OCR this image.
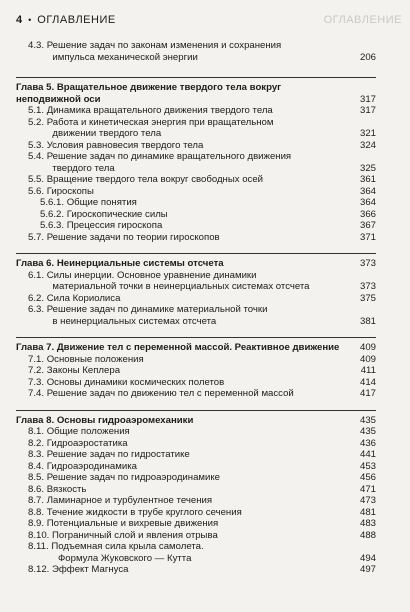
4 • ОГЛАВЛЕНИЕ	ОГЛАВЛЕНИЕ
4.3. Решение задач по законам изменения и сохранения
импульса механической энергии	206
Глава 5. Вращательное движение твердого тела вокруг
неподвижной оси	317
5.1. Динамика вращательного движения твердого тела	317
5.2. Работа и кинетическая энергия при вращательном
движении твердого тела	321
5.3. Условия равновесия твердого тела	324
5.4. Решение задач по динамике вращательного движения
твердого тела	325
5.5. Вращение твердого тела вокруг свободных осей	361
5.6. Гироскопы	364
5.6.1. Общие понятия	364
5.6.2. Гироскопические силы	366
5.6.3. Прецессия гироскопа	367
5.7. Решение задачи по теории гироскопов	371
Глава 6. Неинерциальные системы отсчета	373
6.1. Силы инерции. Основное уравнение динамики
материальной точки в неинерциальных системах отсчета	373
6.2. Сила Кориолиса	375
6.3. Решение задач по динамике материальной точки
в неинерциальных системах отсчета	381
Глава 7. Движение тел с переменной массой. Реактивное движение	409
7.1. Основные положения	409
7.2. Законы Кеплера	411
7.3. Основы динамики космических полетов	414
7.4. Решение задач по движению тел с переменной массой	417
Глава 8. Основы гидроаэромеханики	435
8.1. Общие положения	435
8.2. Гидроаэростатика	436
8.3. Решение задач по гидростатике	441
8.4. Гидроаэродинамика	453
8.5. Решение задач по гидроаэродинамике	456
8.6. Вязкость	471
8.7. Ламинарное и турбулентное течения	473
8.8. Течение жидкости в трубе круглого сечения	481
8.9. Потенциальные и вихревые движения	483
8.10. Пограничный слой и явления отрыва	488
8.11. Подъемная сила крыла самолета.
Формула Жуковского — Кутта	494
8.12. Эффект Магнуса	497
